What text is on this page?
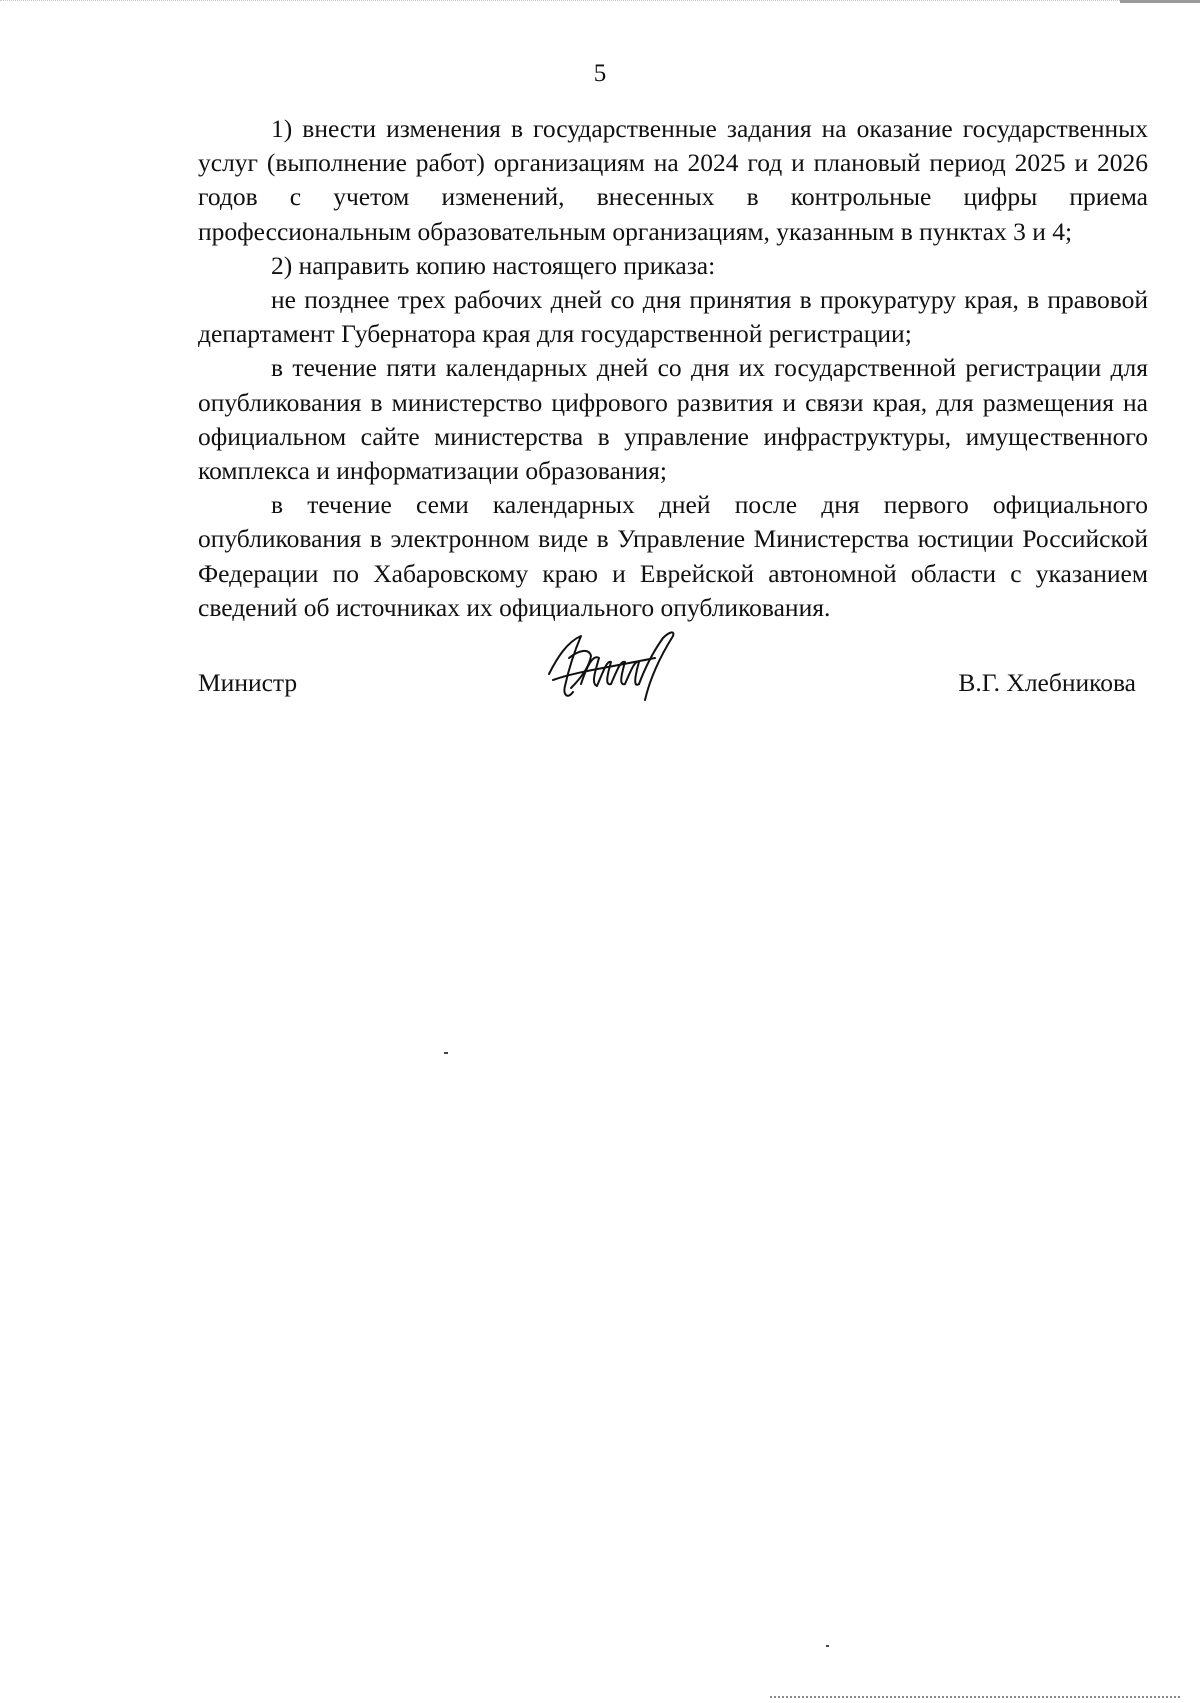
5

1) внести изменения в государственные задания на оказание государственных услуг (выполнение работ) организациям на 2024 год и плановый период 2025 и 2026 годов с учетом изменений, внесенных в контрольные цифры приема профессиональным образовательным организациям, указанным в пунктах 3 и 4;

2) направить копию настоящего приказа:

не позднее трех рабочих дней со дня принятия в прокуратуру края, в правовой департамент Губернатора края для государственной регистрации;

в течение пяти календарных дней со дня их государственной регистрации для опубликования в министерство цифрового развития и связи края, для размещения на официальном сайте министерства в управление инфраструктуры, имущественного комплекса и информатизации образования;

в течение семи календарных дней после дня первого официального опубликования в электронном виде в Управление Министерства юстиции Российской Федерации по Хабаровскому краю и Еврейской автономной области с указанием сведений об источниках их официального опубликования.

Министр	В.Г. Хлебникова
